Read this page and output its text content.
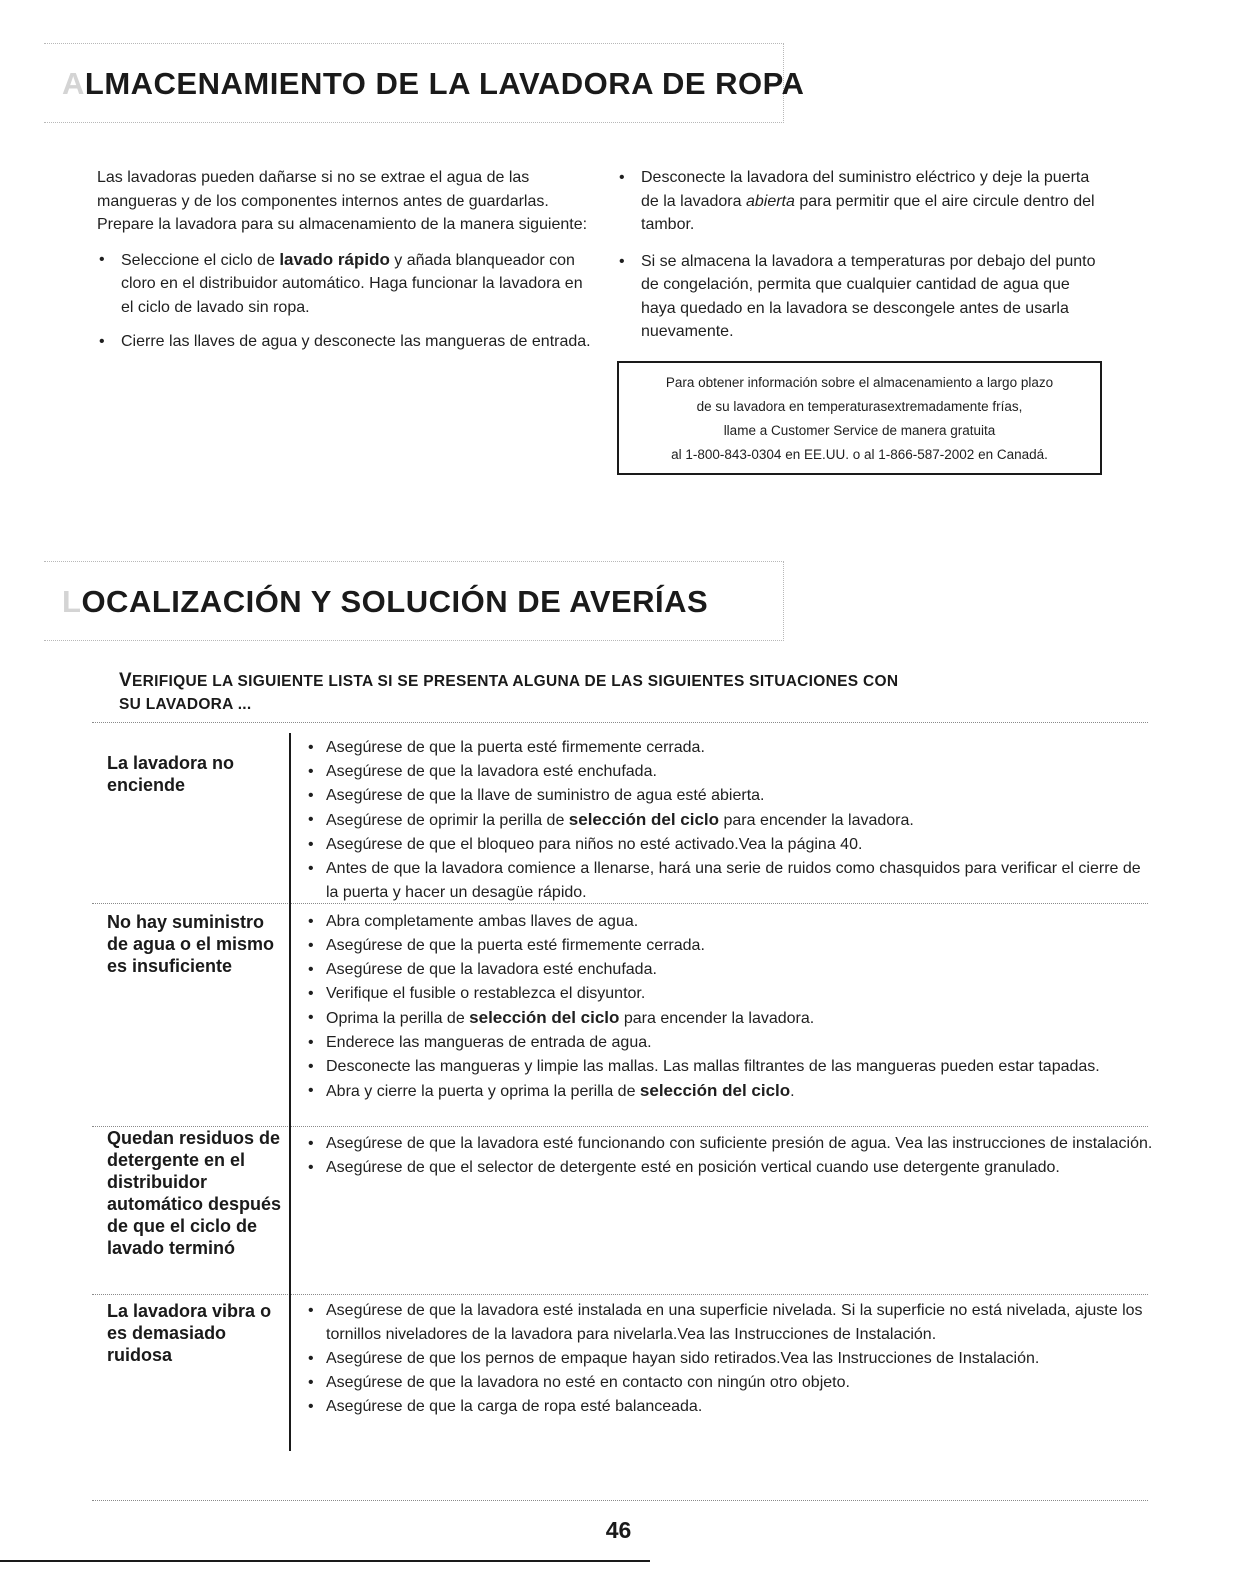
ALMACENAMIENTO DE LA LAVADORA DE ROPA

Las lavadoras pueden dañarse si no se extrae el agua de las mangueras y de los componentes internos antes de guardarlas. Prepare la lavadora para su almacenamiento de la manera siguiente:

• Seleccione el ciclo de lavado rápido y añada blanqueador con cloro en el distribuidor automático. Haga funcionar la lavadora en el ciclo de lavado sin ropa.
• Cierre las llaves de agua y desconecte las mangueras de entrada.
• Desconecte la lavadora del suministro eléctrico y deje la puerta de la lavadora abierta para permitir que el aire circule dentro del tambor.
• Si se almacena la lavadora a temperaturas por debajo del punto de congelación, permita que cualquier cantidad de agua que haya quedado en la lavadora se descongele antes de usarla nuevamente.
Para obtener información sobre el almacenamiento a largo plazo
de su lavadora en temperaturasextremadamente frías,
llame a Customer Service de manera gratuita
al 1-800-843-0304 en EE.UU. o al 1-866-587-2002 en Canadá.
LOCALIZACIÓN Y SOLUCIÓN DE AVERÍAS
VERIFIQUE LA SIGUIENTE LISTA SI SE PRESENTA ALGUNA DE LAS SIGUIENTES SITUACIONES CON
SU LAVADORA ...
La lavadora no enciende
• Asegúrese de que la puerta esté firmemente cerrada.
• Asegúrese de que la lavadora esté enchufada.
• Asegúrese de que la llave de suministro de agua esté abierta.
• Asegúrese de oprimir la perilla de selección del ciclo para encender la lavadora.
• Asegúrese de que el bloqueo para niños no esté activado.Vea la página 40.
• Antes de que la lavadora comience a llenarse, hará una serie de ruidos como chasquidos para verificar el cierre de la puerta y hacer un desagüe rápido.
No hay suministro de agua o el mismo es insuficiente
• Abra completamente ambas llaves de agua.
• Asegúrese de que la puerta esté firmemente cerrada.
• Asegúrese de que la lavadora esté enchufada.
• Verifique el fusible o restablezca el disyuntor.
• Oprima la perilla de selección del ciclo para encender la lavadora.
• Enderece las mangueras de entrada de agua.
• Desconecte las mangueras y limpie las mallas. Las mallas filtrantes de las mangueras pueden estar tapadas.
• Abra y cierre la puerta y oprima la perilla de selección del ciclo.
Quedan residuos de detergente en el distribuidor automático después de que el ciclo de lavado terminó
• Asegúrese de que la lavadora esté funcionando con suficiente presión de agua. Vea las instrucciones de instalación.
• Asegúrese de que el selector de detergente esté en posición vertical cuando use detergente granulado.
La lavadora vibra o es demasiado ruidosa
• Asegúrese de que la lavadora esté instalada en una superficie nivelada. Si la superficie no está nivelada, ajuste los tornillos niveladores de la lavadora para nivelarla.Vea las Instrucciones de Instalación.
• Asegúrese de que los pernos de empaque hayan sido retirados.Vea las Instrucciones de Instalación.
• Asegúrese de que la lavadora no esté en contacto con ningún otro objeto.
• Asegúrese de que la carga de ropa esté balanceada.
46
